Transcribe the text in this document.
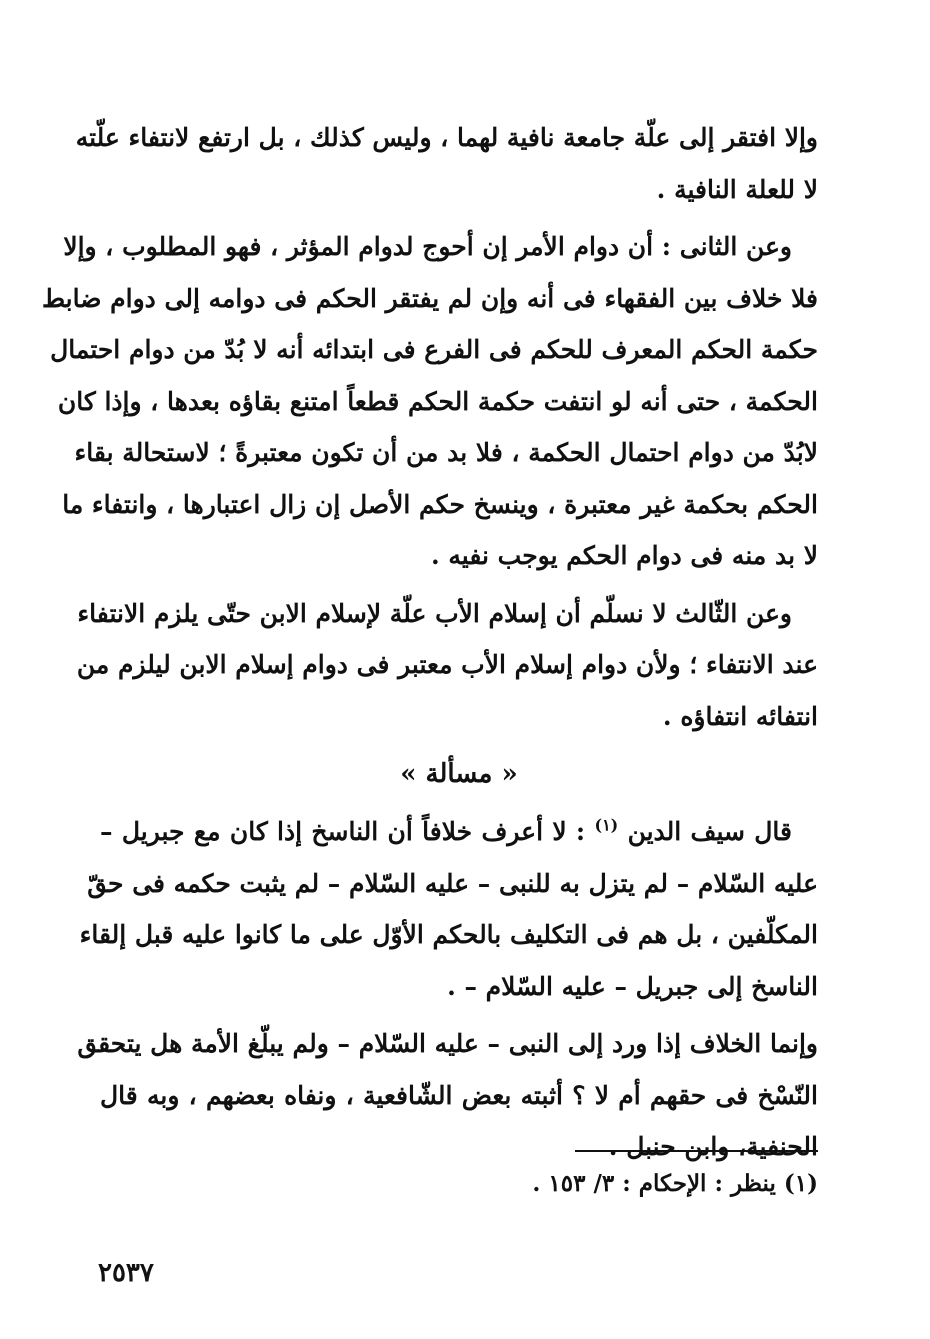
وإلا افتقر إلى علّة جامعة نافية لهما ، وليس كذلك ، بل ارتفع لانتفاء علّته
لا للعلة النافية .

وعن الثانى : أن دوام الأمر إن أحوج لدوام المؤثر ، فهو المطلوب ، وإلا
فلا خلاف بين الفقهاء فى أنه وإن لم يفتقر الحكم فى دوامه إلى دوام ضابط
حكمة الحكم المعرف للحكم فى الفرع فى ابتدائه أنه لا بُدّ من دوام احتمال
الحكمة ، حتى أنه لو انتفت حكمة الحكم قطعاً امتنع بقاؤه بعدها ، وإذا كان
لابُدّ من دوام احتمال الحكمة ، فلا بد من أن تكون معتبرةً ؛ لاستحالة بقاء
الحكم بحكمة غير معتبرة ، وينسخ حكم الأصل إن زال اعتبارها ، وانتفاء ما
لا بد منه فى دوام الحكم يوجب نفيه .

وعن الثّالث لا نسلّم أن إسلام الأب علّة لإسلام الابن حتّى يلزم الانتفاء
عند الانتفاء ؛ ولأن دوام إسلام الأب معتبر فى دوام إسلام الابن ليلزم من
انتفائه انتفاؤه .

« مسألة »

قال سيف الدين $^{(١)}$ : لا أعرف خلافاً أن الناسخ إذا كان مع جبريل –
عليه السّلام – لم يتزل به للنبى – عليه السّلام – لم يثبت حكمه فى حقّ
المكلّفين ، بل هم فى التكليف بالحكم الأوّل على ما كانوا عليه قبل إلقاء
الناسخ إلى جبريل – عليه السّلام – .

وإنما الخلاف إذا ورد إلى النبى – عليه السّلام – ولم يبلّغ الأمة هل يتحقق
النّسْخ فى حقهم أم لا ؟ أثبته بعض الشّافعية ، ونفاه بعضهم ، وبه قال
الحنفية، وابن حنبل .

(١) ينظر : الإحكام : ٣/ ١٥٣ .
٢٥٣٧
